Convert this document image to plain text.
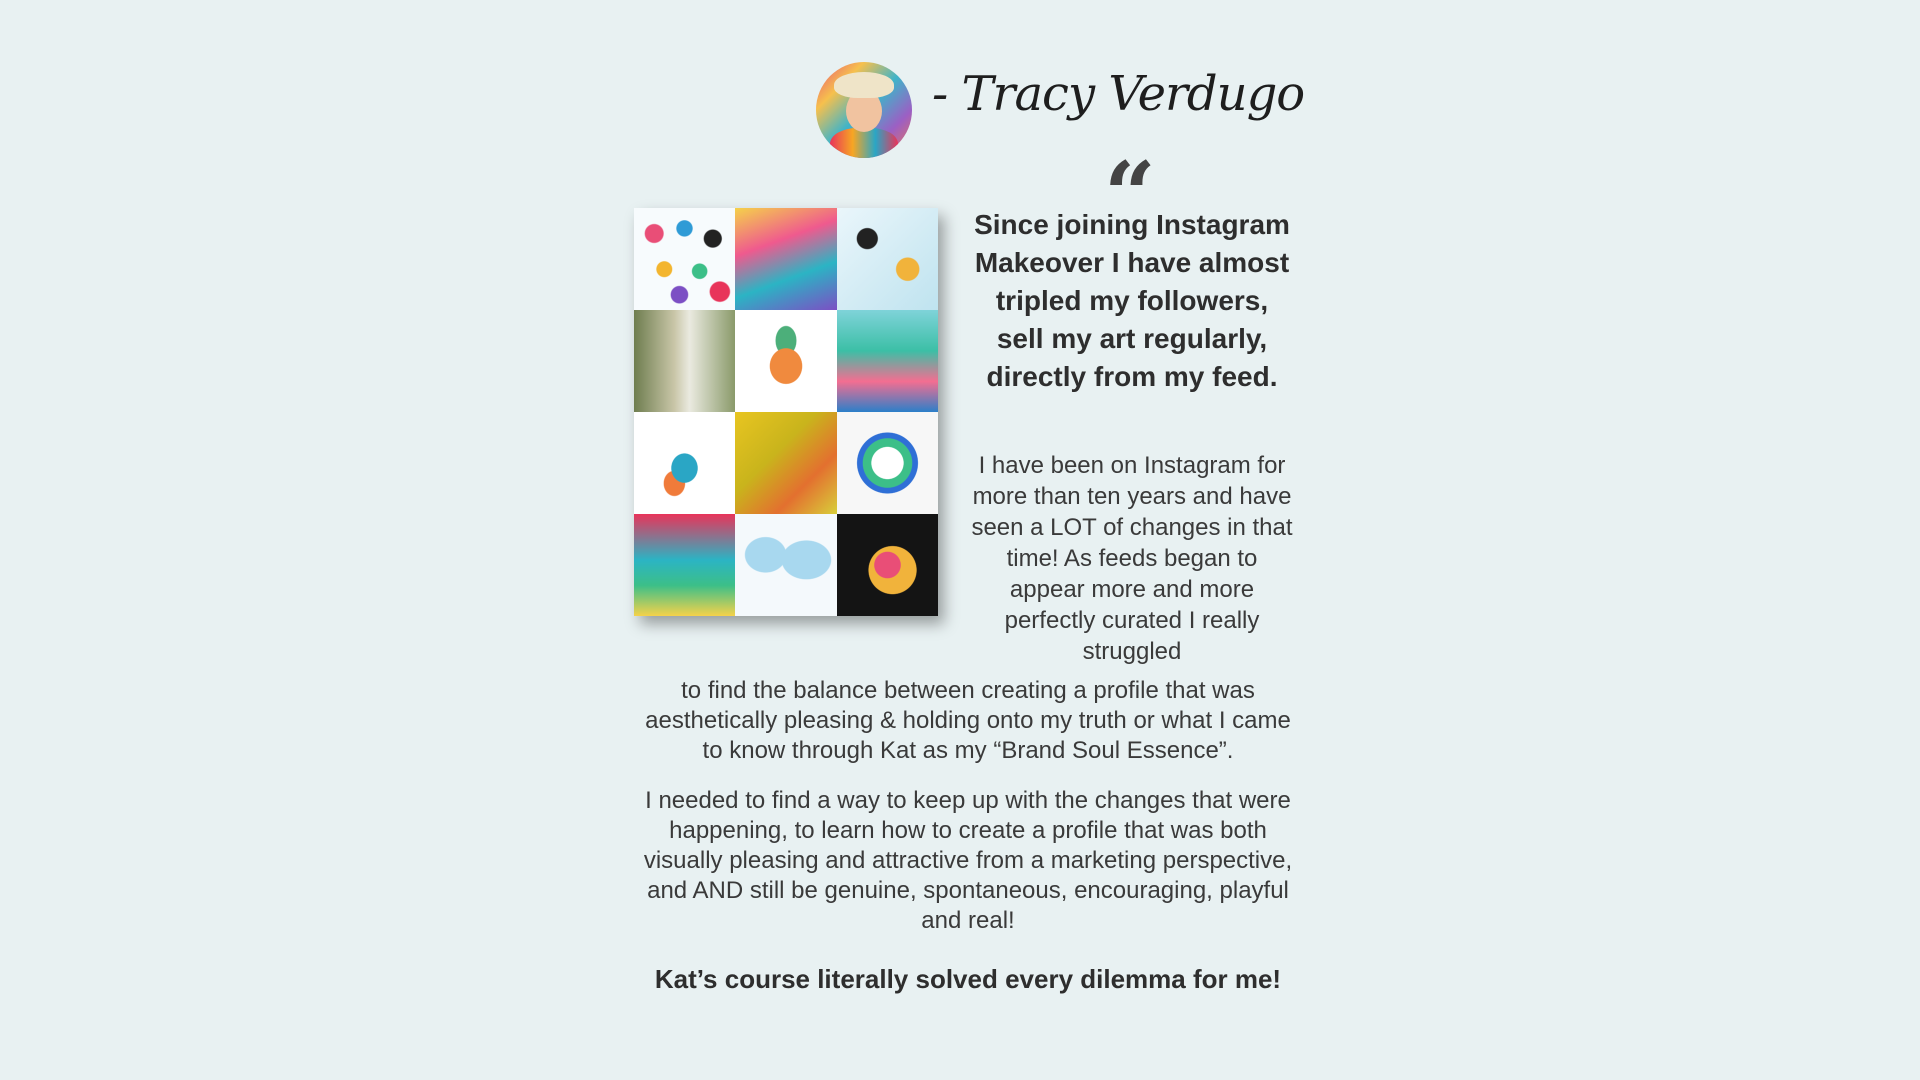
- Tracy Verdugo
“
Since joining Instagram Makeover I have almost tripled my followers, sell my art regularly, directly from my feed.
I have been on Instagram for more than ten years and have seen a LOT of changes in that time! As feeds began to appear more and more perfectly curated I really struggled
to find the balance between creating a profile that was aesthetically pleasing & holding onto my truth or what I came to know through Kat as my “Brand Soul Essence”.
I needed to find a way to keep up with the changes that were happening, to learn how to create a profile that was both visually pleasing and attractive from a marketing perspective, and AND still be genuine, spontaneous, encouraging, playful and real!
Kat’s course literally solved every dilemma for me!
